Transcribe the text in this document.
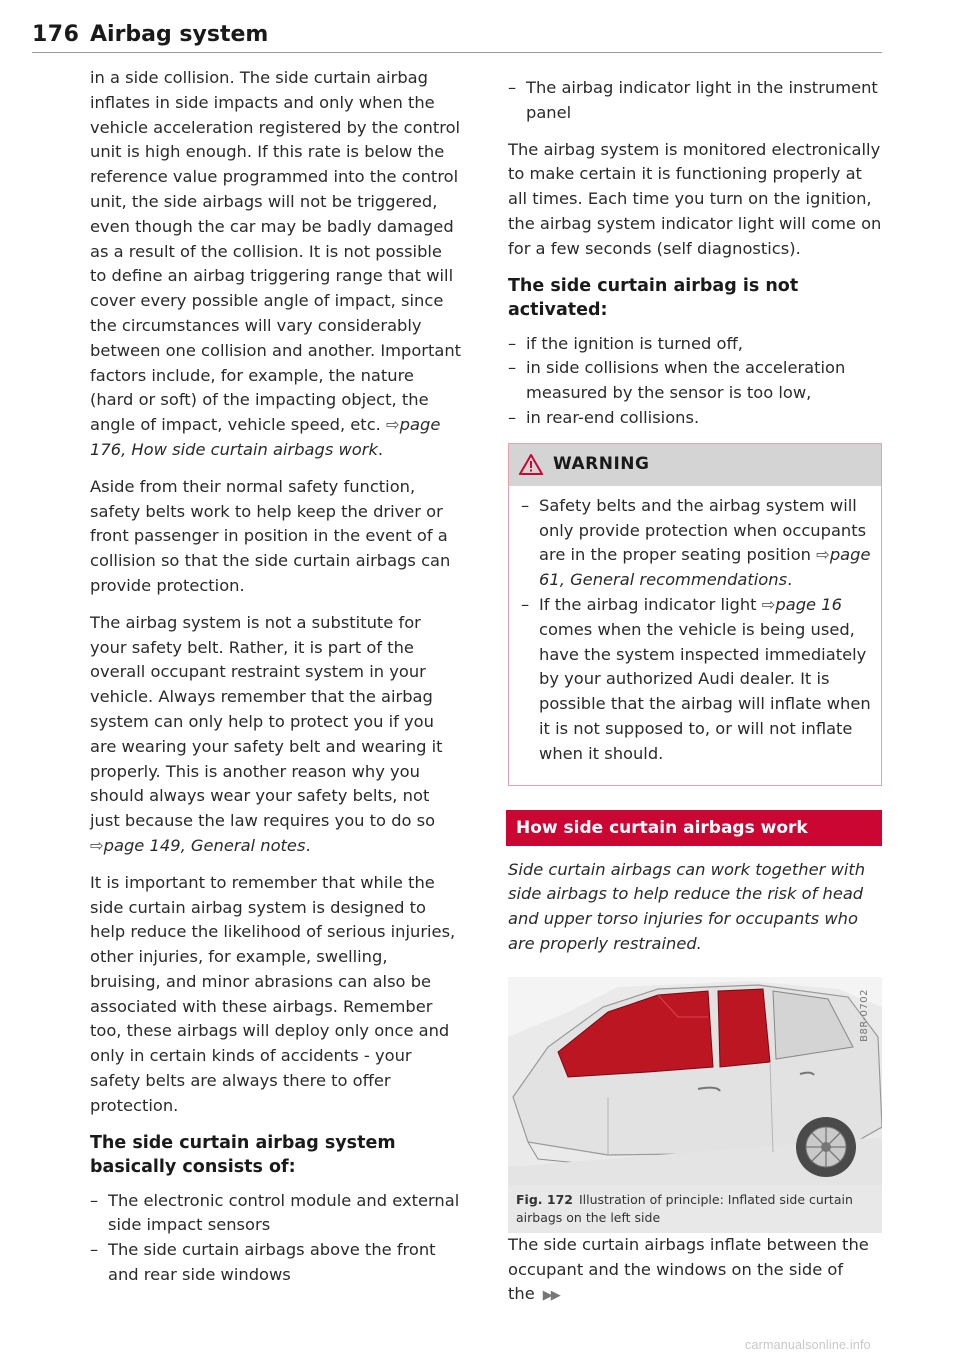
176 Airbag system

in a side collision. The side curtain airbag inflates in side impacts and only when the vehicle acceleration registered by the control unit is high enough. If this rate is below the reference value programmed into the control unit, the side airbags will not be triggered, even though the car may be badly damaged as a result of the collision. It is not possible to define an airbag triggering range that will cover every possible angle of impact, since the circumstances will vary considerably between one collision and another. Important factors include, for example, the nature (hard or soft) of the impacting object, the angle of impact, vehicle speed, etc. ⇨page 176, How side curtain airbags work.

Aside from their normal safety function, safety belts work to help keep the driver or front passenger in position in the event of a collision so that the side curtain airbags can provide protection.

The airbag system is not a substitute for your safety belt. Rather, it is part of the overall occupant restraint system in your vehicle. Always remember that the airbag system can only help to protect you if you are wearing your safety belt and wearing it properly. This is another reason why you should always wear your safety belts, not just because the law requires you to do so ⇨page 149, General notes.

It is important to remember that while the side curtain airbag system is designed to help reduce the likelihood of serious injuries, other injuries, for example, swelling, bruising, and minor abrasions can also be associated with these airbags. Remember too, these airbags will deploy only once and only in certain kinds of accidents - your safety belts are always there to offer protection.

The side curtain airbag system basically consists of:
– The electronic control module and external side impact sensors
– The side curtain airbags above the front and rear side windows
– The airbag indicator light in the instrument panel

The airbag system is monitored electronically to make certain it is functioning properly at all times. Each time you turn on the ignition, the airbag system indicator light will come on for a few seconds (self diagnostics).

The side curtain airbag is not activated:
– if the ignition is turned off,
– in side collisions when the acceleration measured by the sensor is too low,
– in rear-end collisions.
WARNING
– Safety belts and the airbag system will only provide protection when occupants are in the proper seating position ⇨page 61, General recommendations.
– If the airbag indicator light ⇨page 16 comes when the vehicle is being used, have the system inspected immediately by your authorized Audi dealer. It is possible that the airbag will inflate when it is not supposed to, or will not inflate when it should.
How side curtain airbags work

Side curtain airbags can work together with side airbags to help reduce the risk of head and upper torso injuries for occupants who are properly restrained.

B8R-0702
Fig. 172 Illustration of principle: Inflated side curtain airbags on the left side

The side curtain airbags inflate between the occupant and the windows on the side of the ▶▶

carmanualsonline.info
